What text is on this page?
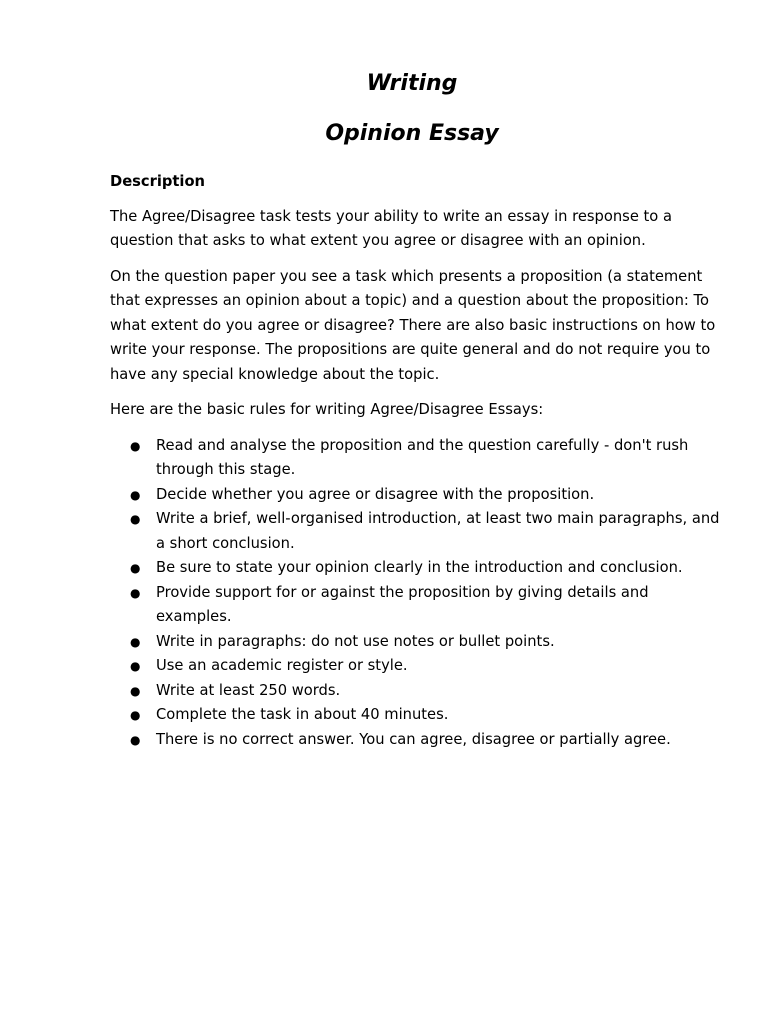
Writing
Opinion Essay

Description

The Agree/Disagree task tests your ability to write an essay in response to a question that asks to what extent you agree or disagree with an opinion.

On the question paper you see a task which presents a proposition (a statement that expresses an opinion about a topic) and a question about the proposition: To what extent do you agree or disagree? There are also basic instructions on how to write your response. The propositions are quite general and do not require you to have any special knowledge about the topic.

Here are the basic rules for writing Agree/Disagree Essays:

● Read and analyse the proposition and the question carefully - don't rush through this stage.
● Decide whether you agree or disagree with the proposition.
● Write a brief, well-organised introduction, at least two main paragraphs, and a short conclusion.
● Be sure to state your opinion clearly in the introduction and conclusion.
● Provide support for or against the proposition by giving details and examples.
● Write in paragraphs: do not use notes or bullet points.
● Use an academic register or style.
● Write at least 250 words.
● Complete the task in about 40 minutes.
● There is no correct answer. You can agree, disagree or partially agree.
